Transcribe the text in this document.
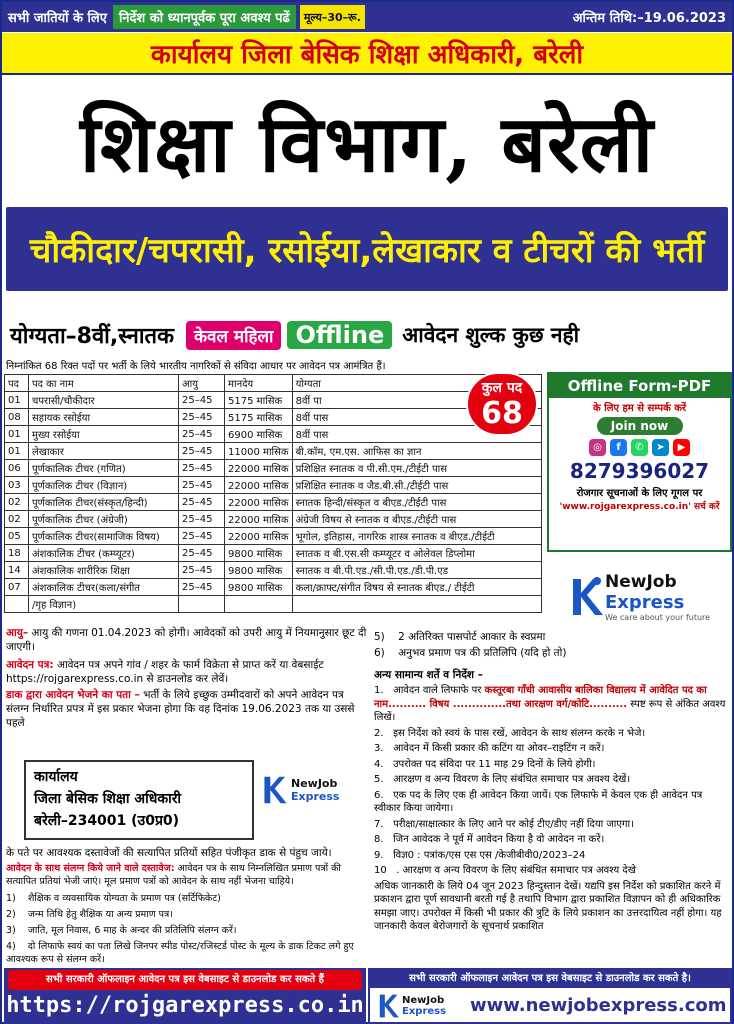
सभी जातियों के लिए निर्देश को ध्यानपूर्वक पूरा अवश्य पढें	मूल्य–30–रू.	अन्तिम तिथि:–19.06.2023
कार्यालय जिला बेसिक शिक्षा अधिकारी, बरेली
शिक्षा विभाग, बरेली
चौकीदार/चपरासी, रसोईया,लेखाकार व टीचरों की भर्ती
योग्यता–8वीं,स्नातक	केवल महिला Offline आवेदन शुल्क कुछ नही
निम्नांकित 68 रिक्त पदों पर भर्ती के लिये भारतीय नागरिकों से संविदा आधार पर आवेदन पत्र आमंत्रित हैं।
पद	पद का नाम	आयु	मानदेय	योग्यता
01	चपरासी/चौकीदार	25–45	5175 मासिक	8वीं पा
08	सहायक रसोईया	25–45	5175 मासिक	8वीं पास
01	मुख्य रसोईया	25–45	6900 मासिक	8वीं पास
01	लेखाकार	25–45	11000 मासिक	बी.कॉम, एम.एस. आफिस का ज्ञान
06	पूर्णकालिक टीचर (गणित)	25–45	22000 मासिक	प्रशिक्षित स्नातक व पी.सी.एम./टीईटी पास
03	पूर्णकालिक टीचर (विज्ञान)	25–45	22000 मासिक	प्रशिक्षित स्नातक व जैड.बी.सी./टीईटी पास
02	पूर्णकालिक टीचर(संस्कृत/हिन्दी)	25–45	22000 मासिक	स्नातक हिन्दी/संस्कृत व बीएड./टीईटी पास
02	पूर्णकालिक टीचर (अंग्रेजी)	25–45	22000 मासिक	अंग्रेजी विषय से स्नातक व बीएड./टीईटी पास
05	पूर्णकालिक टीचर(सामाजिक विषय)	25–45	22000 मासिक	भूगोल, इतिहास, नागरिक शास्त्र स्नातक व बीएड./टीईटी
18	अंशकालिक टीचर (कम्प्यूटर)	25–45	9800 मासिक	स्नातक व बी.एस.सी कम्प्यूटर व ओलेवल डिप्लोमा
14	अंशकालिक शारीरिक शिक्षा	25–45	9800 मासिक	स्नातक व बी.पी.एड./सी.पी.एड./डी.पी.एड
07	अंशकालिक टीचर(कला/संगीत	25–45	9800 मासिक	कला/क्राफ्ट/संगीत विषय से स्नातक बीएड./ टीईटी
	/गृह विज्ञान)			
कुल पद
68
Offline Form-PDF
के लिए हम से सम्पर्क करें
Join now
◎	f	✆	➤	▶
8279396027
रोजगार सूचनाओं के लिए गूगल पर
'www.rojgarexpress.co.in' सर्च करें
NewJob
Express
We care about your future
आयु– आयु की गणना 01.04.2023 को होगी। आवेदकों को उपरी आयु में नियमानुसार छूट दी जाएगी।
आवेदन पत्र: आवेदन पत्र अपने गांव / शहर के फार्म विक्रेता से प्राप्त करें या वेबसाईट
https://rojgarexpress.co.in से डाउनलोड कर लेवें।
डाक द्वारा आवेदन भेजने का पता – भर्ती के लिये इच्छुक उम्मीदवारों को अपने आवेदन पत्र संलग्न निर्धारित प्रपत्र में इस प्रकार भेजना होगा कि वह दिनांक 19.06.2023 तक या उससे पहले
कार्यालय
जिला बेसिक शिक्षा अधिकारी
बरेली–234001 (उ0प्र0)
NewJob
Express
के पते पर आवश्यक दस्तावेजों की सत्यापित प्रतियों सहित पंजीकृत डाक से पंहुच जाये।
आवेदन के साथ संलग्न किये जाने वाले दस्तावेज: आवेदन पत्र के साथ निम्नलिखित प्रमाण पत्रों की सत्यापित प्रतियां भेजी जाएं। मूल प्रमाण पत्रों को आवेदन के साथ नहीं भेजना चाहिये।
1)    शैक्षिक व व्यवसायिक योग्यता के प्रमाण पत्र (सर्टिफिकेट)
2)    जन्म तिथि हेतु शैक्षिक या अन्य प्रमाण पत्र।
3)    जाति, मूल निवास, 6 माह के अन्दर की प्रतिलिपि संलग्न करें।
4)    दो लिफाफे स्वयं का पता लिखे जिनपर स्पीड पोस्ट/रजिस्टर्ड पोस्ट के मूल्य के डाक टिकट लगे हुए आवश्यक रूप से संलग्न करें।
5)    2 अतिरिक्त पासपोर्ट आकार के स्वप्रमा
6)    अनुभव प्रमाण पत्र की प्रतिलिपि (यदि हो तो)
अन्य सामान्य शर्ते व निर्देश –
1.   आवेदन वाले लिफाफे पर कस्तूरबा गाँधी आवासीय बालिका विद्यालय में आवेदित पद का नाम.......... विषय ..............तथा आरक्षण वर्ग/कोटि.......... स्पष्ट रूप से अंकित अवश्य लिखें।
2.   इस निर्देश को स्वयं के पास रखें, आवेदन के साथ संलग्न करके न भेजे।
3.   आवेदन में किसी प्रकार की कटिंग या ओवर–राइटिंग न करें।
4.   उपरोक्त पद संविदा पर 11 माह 29 दिनों के लिये होगी।
5.   आरक्षण व अन्य विवरण के लिए संबंधित समाचार पत्र अवश्य देखें।
6.   एक पद के लिए एक ही आवेदन किया जायें। एक लिफाफे में केवल एक ही आवेदन पत्र स्वीकार किया जायेगा।
7.   परीक्षा/साक्षात्कार के लिए आने पर कोई टीए/डीए नहीं दिया जाएगा।
8.   जिन आवेदक ने पूर्व में आवेदन किया है वो आवेदन ना करें।
9.   विज्ञ0 : पत्रांक/एस एस एस /केजीबीवी0/2023–24
10   . आरक्षण व अन्य विवरण के लिए संबंधित समाचार पत्र अवश्य देखे
अधिक जानकारी के लिये 04 जून 2023 हिन्दुस्तान देखें। यद्यपि इस निर्देश को प्रकाशित करने में प्रकाशन द्वारा पूर्ण सावधानी बरती गई है तथापि विभाग द्वारा प्रकाशित विज्ञापन को ही अधिकारिक समझा जाए। उपरोक्त में किसी भी प्रकार की त्रुटि के लिये प्रकाशन का उत्तरदायित्व नहीं होगा। यह जानकारी केवल बेरोजगारों के सूचनार्थ प्रकाशित
सभी सरकारी ऑफलाइन आवेदन पत्र इस वेबसाइट से डाउनलोड कर सकते हैं
https://rojgarexpress.co.in
सभी सरकारी ऑफलाइन आवेदन पत्र इस वेबसाइट से डाउनलोड कर सकते है।
NewJob
Express www.newjobexpress.com
